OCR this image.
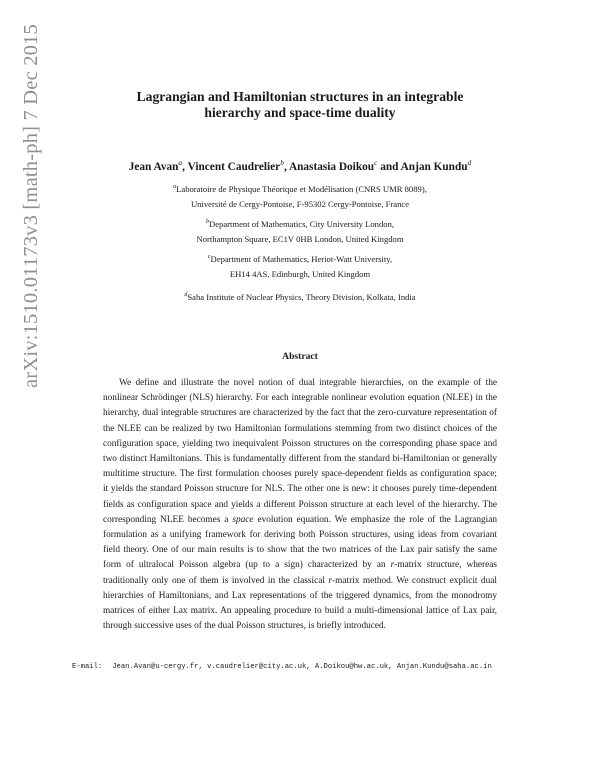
arXiv:1510.01173v3 [math-ph] 7 Dec 2015	Lagrangian and Hamiltonian structures in an integrable
hierarchy and space-time duality
Jean Avan$^a$, Vincent Caudrelier$^b$, Anastasia Doikou$^c$ and Anjan Kundu$^d$
$^a$Laboratoire de Physique Théorique et Modélisation (CNRS UMR 8089),
Université de Cergy-Pontoise, F-95302 Cergy-Pontoise, France
$^b$Department of Mathematics, City University London,
Northampton Square, EC1V 0HB London, United Kingdom
$^c$Department of Mathematics, Heriot-Watt University,
EH14 4AS, Edinburgh, United Kingdom
$^d$Saha Institute of Nuclear Physics, Theory Division, Kolkata, India
Abstract

We define and illustrate the novel notion of dual integrable hierarchies, on the example of the nonlinear Schrödinger (NLS) hierarchy. For each integrable nonlinear evolution equation (NLEE) in the hierarchy, dual integrable structures are characterized by the fact that the zero-curvature representation of the NLEE can be realized by two Hamiltonian formulations stemming from two distinct choices of the configuration space, yielding two inequivalent Poisson structures on the corresponding phase space and two distinct Hamiltonians. This is fundamentally different from the standard bi-Hamiltonian or generally multitime structure. The first formulation chooses purely space-dependent fields as configuration space; it yields the standard Poisson structure for NLS. The other one is new: it chooses purely time-dependent fields as configuration space and yields a different Poisson structure at each level of the hierarchy. The corresponding NLEE becomes a space evolution equation. We emphasize the role of the Lagrangian formulation as a unifying framework for deriving both Poisson structures, using ideas from covariant field theory. One of our main results is to show that the two matrices of the Lax pair satisfy the same form of ultralocal Poisson algebra (up to a sign) characterized by an r-matrix structure, whereas traditionally only one of them is involved in the classical r-matrix method. We construct explicit dual hierarchies of Hamiltonians, and Lax representations of the triggered dynamics, from the monodromy matrices of either Lax matrix. An appealing procedure to build a multi-dimensional lattice of Lax pair, through successive uses of the dual Poisson structures, is briefly introduced.

E-mail: Jean.Avan@u-cergy.fr, v.caudrelier@city.ac.uk, A.Doikou@hw.ac.uk, Anjan.Kundu@saha.ac.in
